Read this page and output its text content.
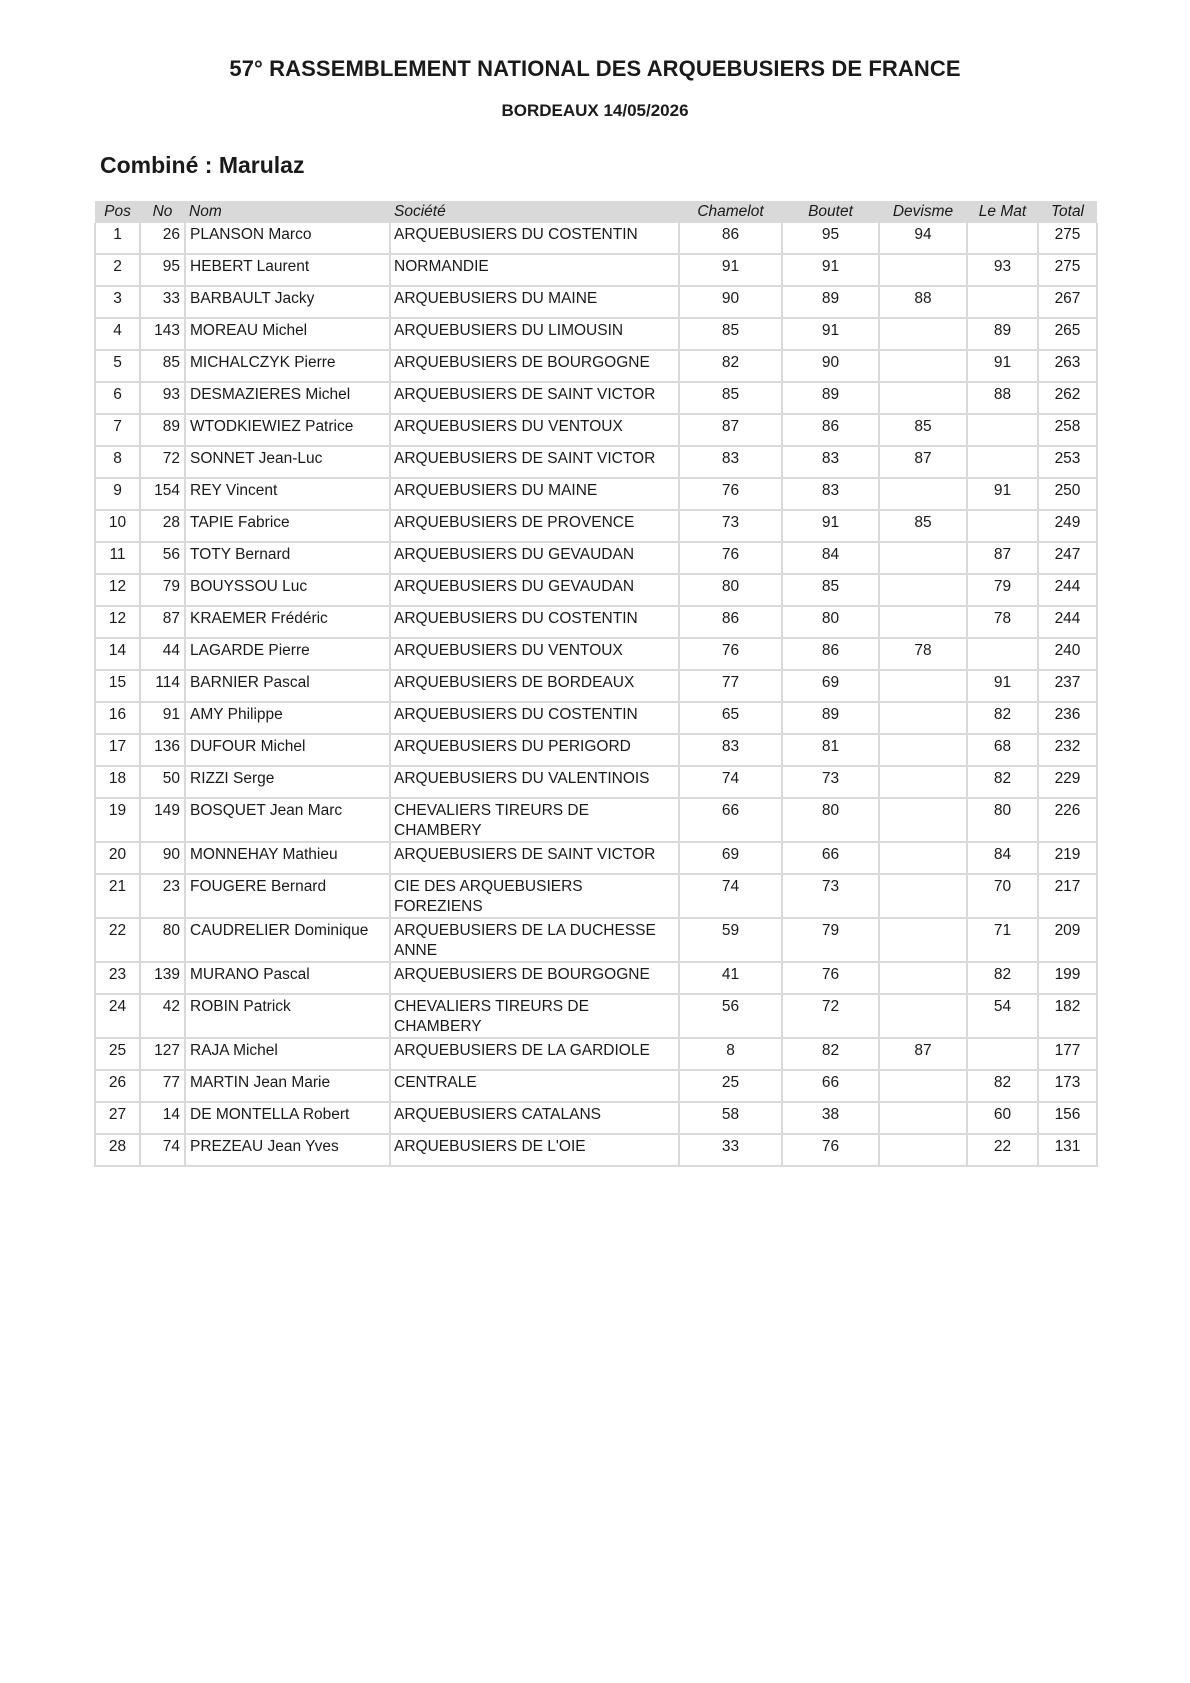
57° RASSEMBLEMENT NATIONAL DES ARQUEBUSIERS DE FRANCE
BORDEAUX 14/05/2026
Combiné : Marulaz
Pos	No	Nom	Société	Chamelot	Boutet	Devisme	Le Mat	Total
1	26	PLANSON Marco	ARQUEBUSIERS DU COSTENTIN	86	95	94		275
2	95	HEBERT Laurent	NORMANDIE	91	91		93	275
3	33	BARBAULT Jacky	ARQUEBUSIERS DU MAINE	90	89	88		267
4	143	MOREAU Michel	ARQUEBUSIERS DU LIMOUSIN	85	91		89	265
5	85	MICHALCZYK Pierre	ARQUEBUSIERS DE BOURGOGNE	82	90		91	263
6	93	DESMAZIERES Michel	ARQUEBUSIERS DE SAINT VICTOR	85	89		88	262
7	89	WTODKIEWIEZ Patrice	ARQUEBUSIERS DU VENTOUX	87	86	85		258
8	72	SONNET Jean-Luc	ARQUEBUSIERS DE SAINT VICTOR	83	83	87		253
9	154	REY Vincent	ARQUEBUSIERS DU MAINE	76	83		91	250
10	28	TAPIE Fabrice	ARQUEBUSIERS DE PROVENCE	73	91	85		249
11	56	TOTY Bernard	ARQUEBUSIERS DU GEVAUDAN	76	84		87	247
12	79	BOUYSSOU Luc	ARQUEBUSIERS DU GEVAUDAN	80	85		79	244
12	87	KRAEMER Frédéric	ARQUEBUSIERS DU COSTENTIN	86	80		78	244
14	44	LAGARDE Pierre	ARQUEBUSIERS DU VENTOUX	76	86	78		240
15	114	BARNIER Pascal	ARQUEBUSIERS DE BORDEAUX	77	69		91	237
16	91	AMY Philippe	ARQUEBUSIERS DU COSTENTIN	65	89		82	236
17	136	DUFOUR Michel	ARQUEBUSIERS DU PERIGORD	83	81		68	232
18	50	RIZZI Serge	ARQUEBUSIERS DU VALENTINOIS	74	73		82	229
19	149	BOSQUET Jean Marc	CHEVALIERS TIREURS DE CHAMBERY	66	80		80	226
20	90	MONNEHAY Mathieu	ARQUEBUSIERS DE SAINT VICTOR	69	66		84	219
21	23	FOUGERE Bernard	CIE DES ARQUEBUSIERS FOREZIENS	74	73		70	217
22	80	CAUDRELIER Dominique	ARQUEBUSIERS DE LA DUCHESSE ANNE	59	79		71	209
23	139	MURANO Pascal	ARQUEBUSIERS DE BOURGOGNE	41	76		82	199
24	42	ROBIN Patrick	CHEVALIERS TIREURS DE CHAMBERY	56	72		54	182
25	127	RAJA Michel	ARQUEBUSIERS DE LA GARDIOLE	8	82	87		177
26	77	MARTIN Jean Marie	CENTRALE	25	66		82	173
27	14	DE MONTELLA Robert	ARQUEBUSIERS CATALANS	58	38		60	156
28	74	PREZEAU Jean Yves	ARQUEBUSIERS DE L'OIE	33	76		22	131
